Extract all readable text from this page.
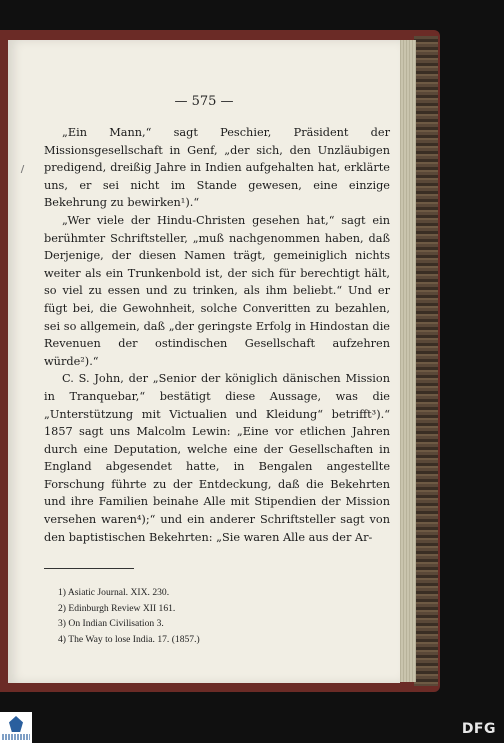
— 575 —

„Ein Mann,“ sagt Peschier, Präsident der Missionsgesellschaft in Genf, „der sich, den Unzläubigen predigend, dreißig Jahre in Indien aufgehalten hat, erklärte uns, er sei nicht im Stande gewesen, eine einzige Bekehrung zu bewirken¹).“

„Wer viele der Hindu-Christen gesehen hat,“ sagt ein berühmter Schriftsteller, „muß nachgenommen haben, daß Derjenige, der diesen Namen trägt, gemeiniglich nichts weiter als ein Trunkenbold ist, der sich für berechtigt hält, so viel zu essen und zu trinken, als ihm beliebt.“ Und er fügt bei, die Gewohnheit, solche Converitten zu bezahlen, sei so allgemein, daß „der geringste Erfolg in Hindostan die Revenuen der ostindischen Gesellschaft aufzehren würde²).“

C. S. John, der „Senior der königlich dänischen Mission in Tranquebar,“ bestätigt diese Aussage, was die „Unterstützung mit Victualien und Kleidung“ betrifft³).“ 1857 sagt uns Malcolm Lewin: „Eine vor etlichen Jahren durch eine Deputation, welche eine der Gesellschaften in England abgesendet hatte, in Bengalen angestellte Forschung führte zu der Entdeckung, daß die Bekehrten und ihre Familien beinahe Alle mit Stipendien der Mission versehen waren⁴);“ und ein anderer Schriftsteller sagt von den baptistischen Bekehrten: „Sie waren Alle aus der Ar-

1) Asiatic Journal. XIX. 230.
2) Edinburgh Review XII 161.
3) On Indian Civilisation 3.
4) The Way to lose India. 17. (1857.)
DFG
